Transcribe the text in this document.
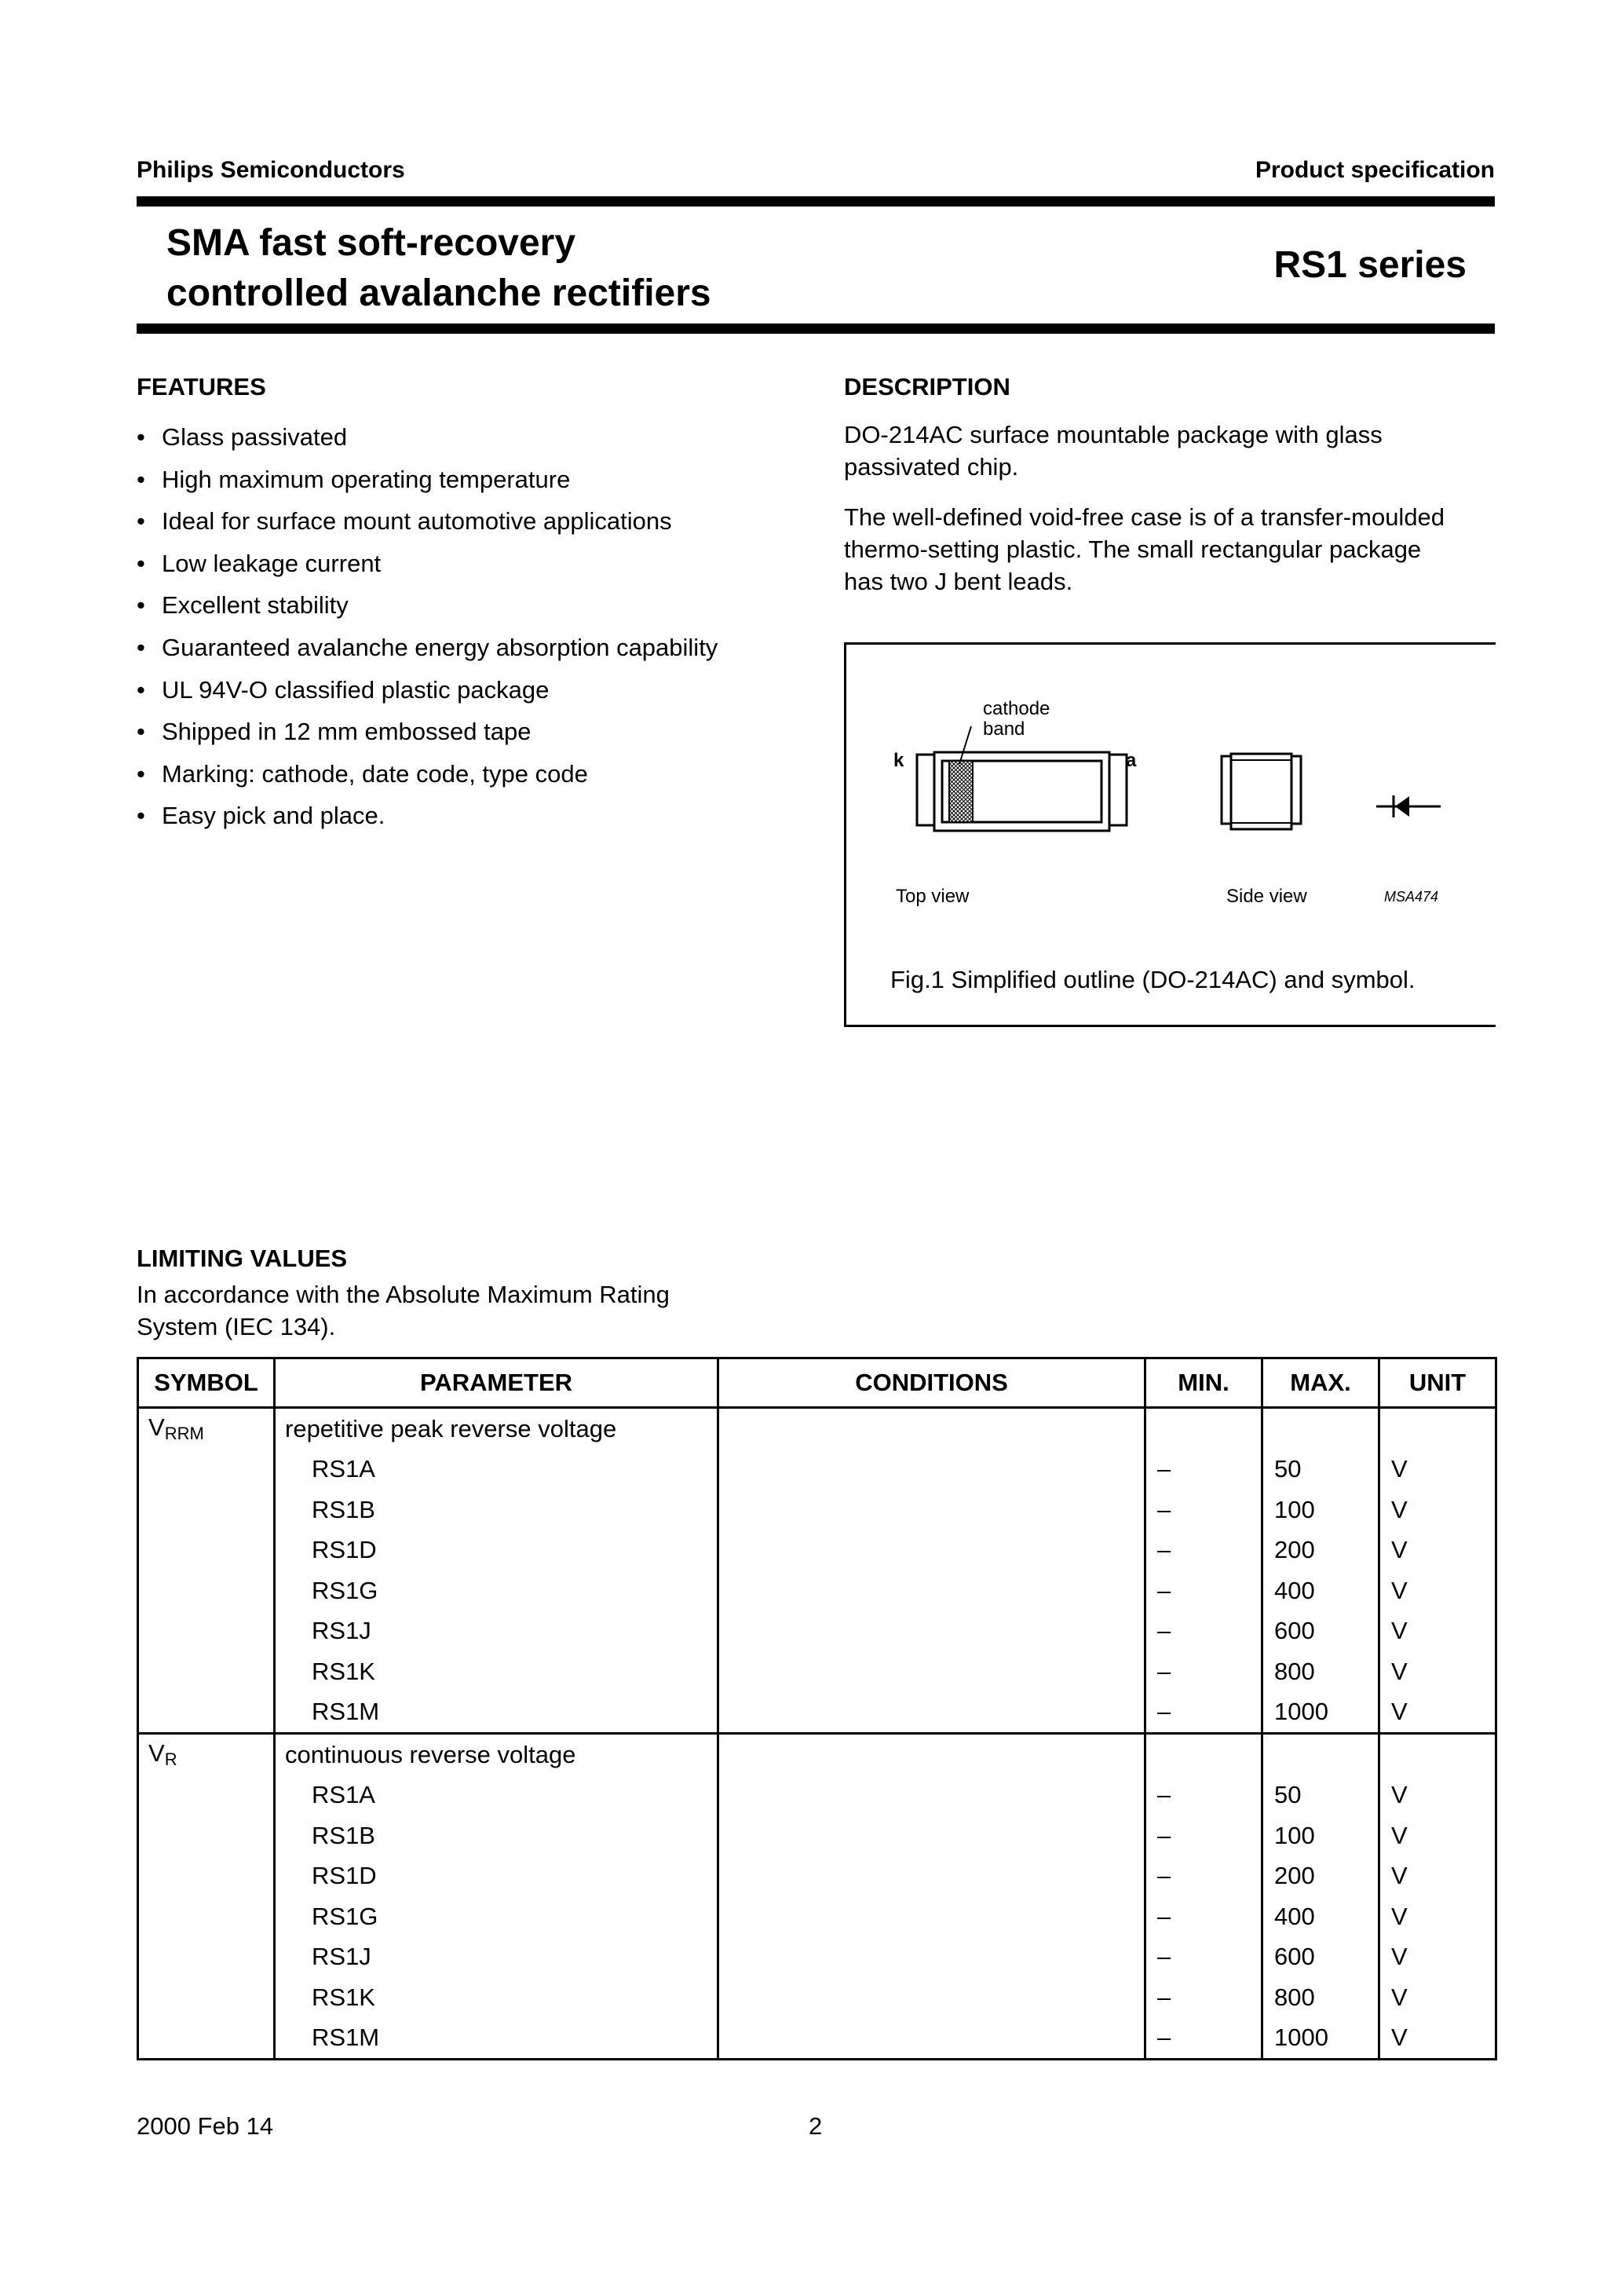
Philips Semiconductors	Product specification
SMA fast soft-recovery
controlled avalanche rectifiers
RS1 series
FEATURES
• Glass passivated
• High maximum operating temperature
• Ideal for surface mount automotive applications
• Low leakage current
• Excellent stability
• Guaranteed avalanche energy absorption capability
• UL 94V-O classified plastic package
• Shipped in 12 mm embossed tape
• Marking: cathode, date code, type code
• Easy pick and place.
DESCRIPTION

DO-214AC surface mountable package with glass

passivated chip.

The well-defined void-free case is of a transfer-moulded

thermo-setting plastic. The small rectangular package

has two J bent leads.

cathode
band
k	a
Top view	Side view	MSA474
Fig.1 Simplified outline (DO-214AC) and symbol.
LIMITING VALUES

In accordance with the Absolute Maximum Rating

System (IEC 134).

SYMBOL	PARAMETER	CONDITIONS	MIN.	MAX.	UNIT
$V_{RRM}$	repetitive peak reverse voltage				
	RS1A		–	50	V
	RS1B		–	100	V
	RS1D		–	200	V
	RS1G		–	400	V
	RS1J		–	600	V
	RS1K		–	800	V
	RS1M		–	1000	V
$V_R$	continuous reverse voltage				
	RS1A		–	50	V
	RS1B		–	100	V
	RS1D		–	200	V
	RS1G		–	400	V
	RS1J		–	600	V
	RS1K		–	800	V
	RS1M		–	1000	V
2000 Feb 14	2
